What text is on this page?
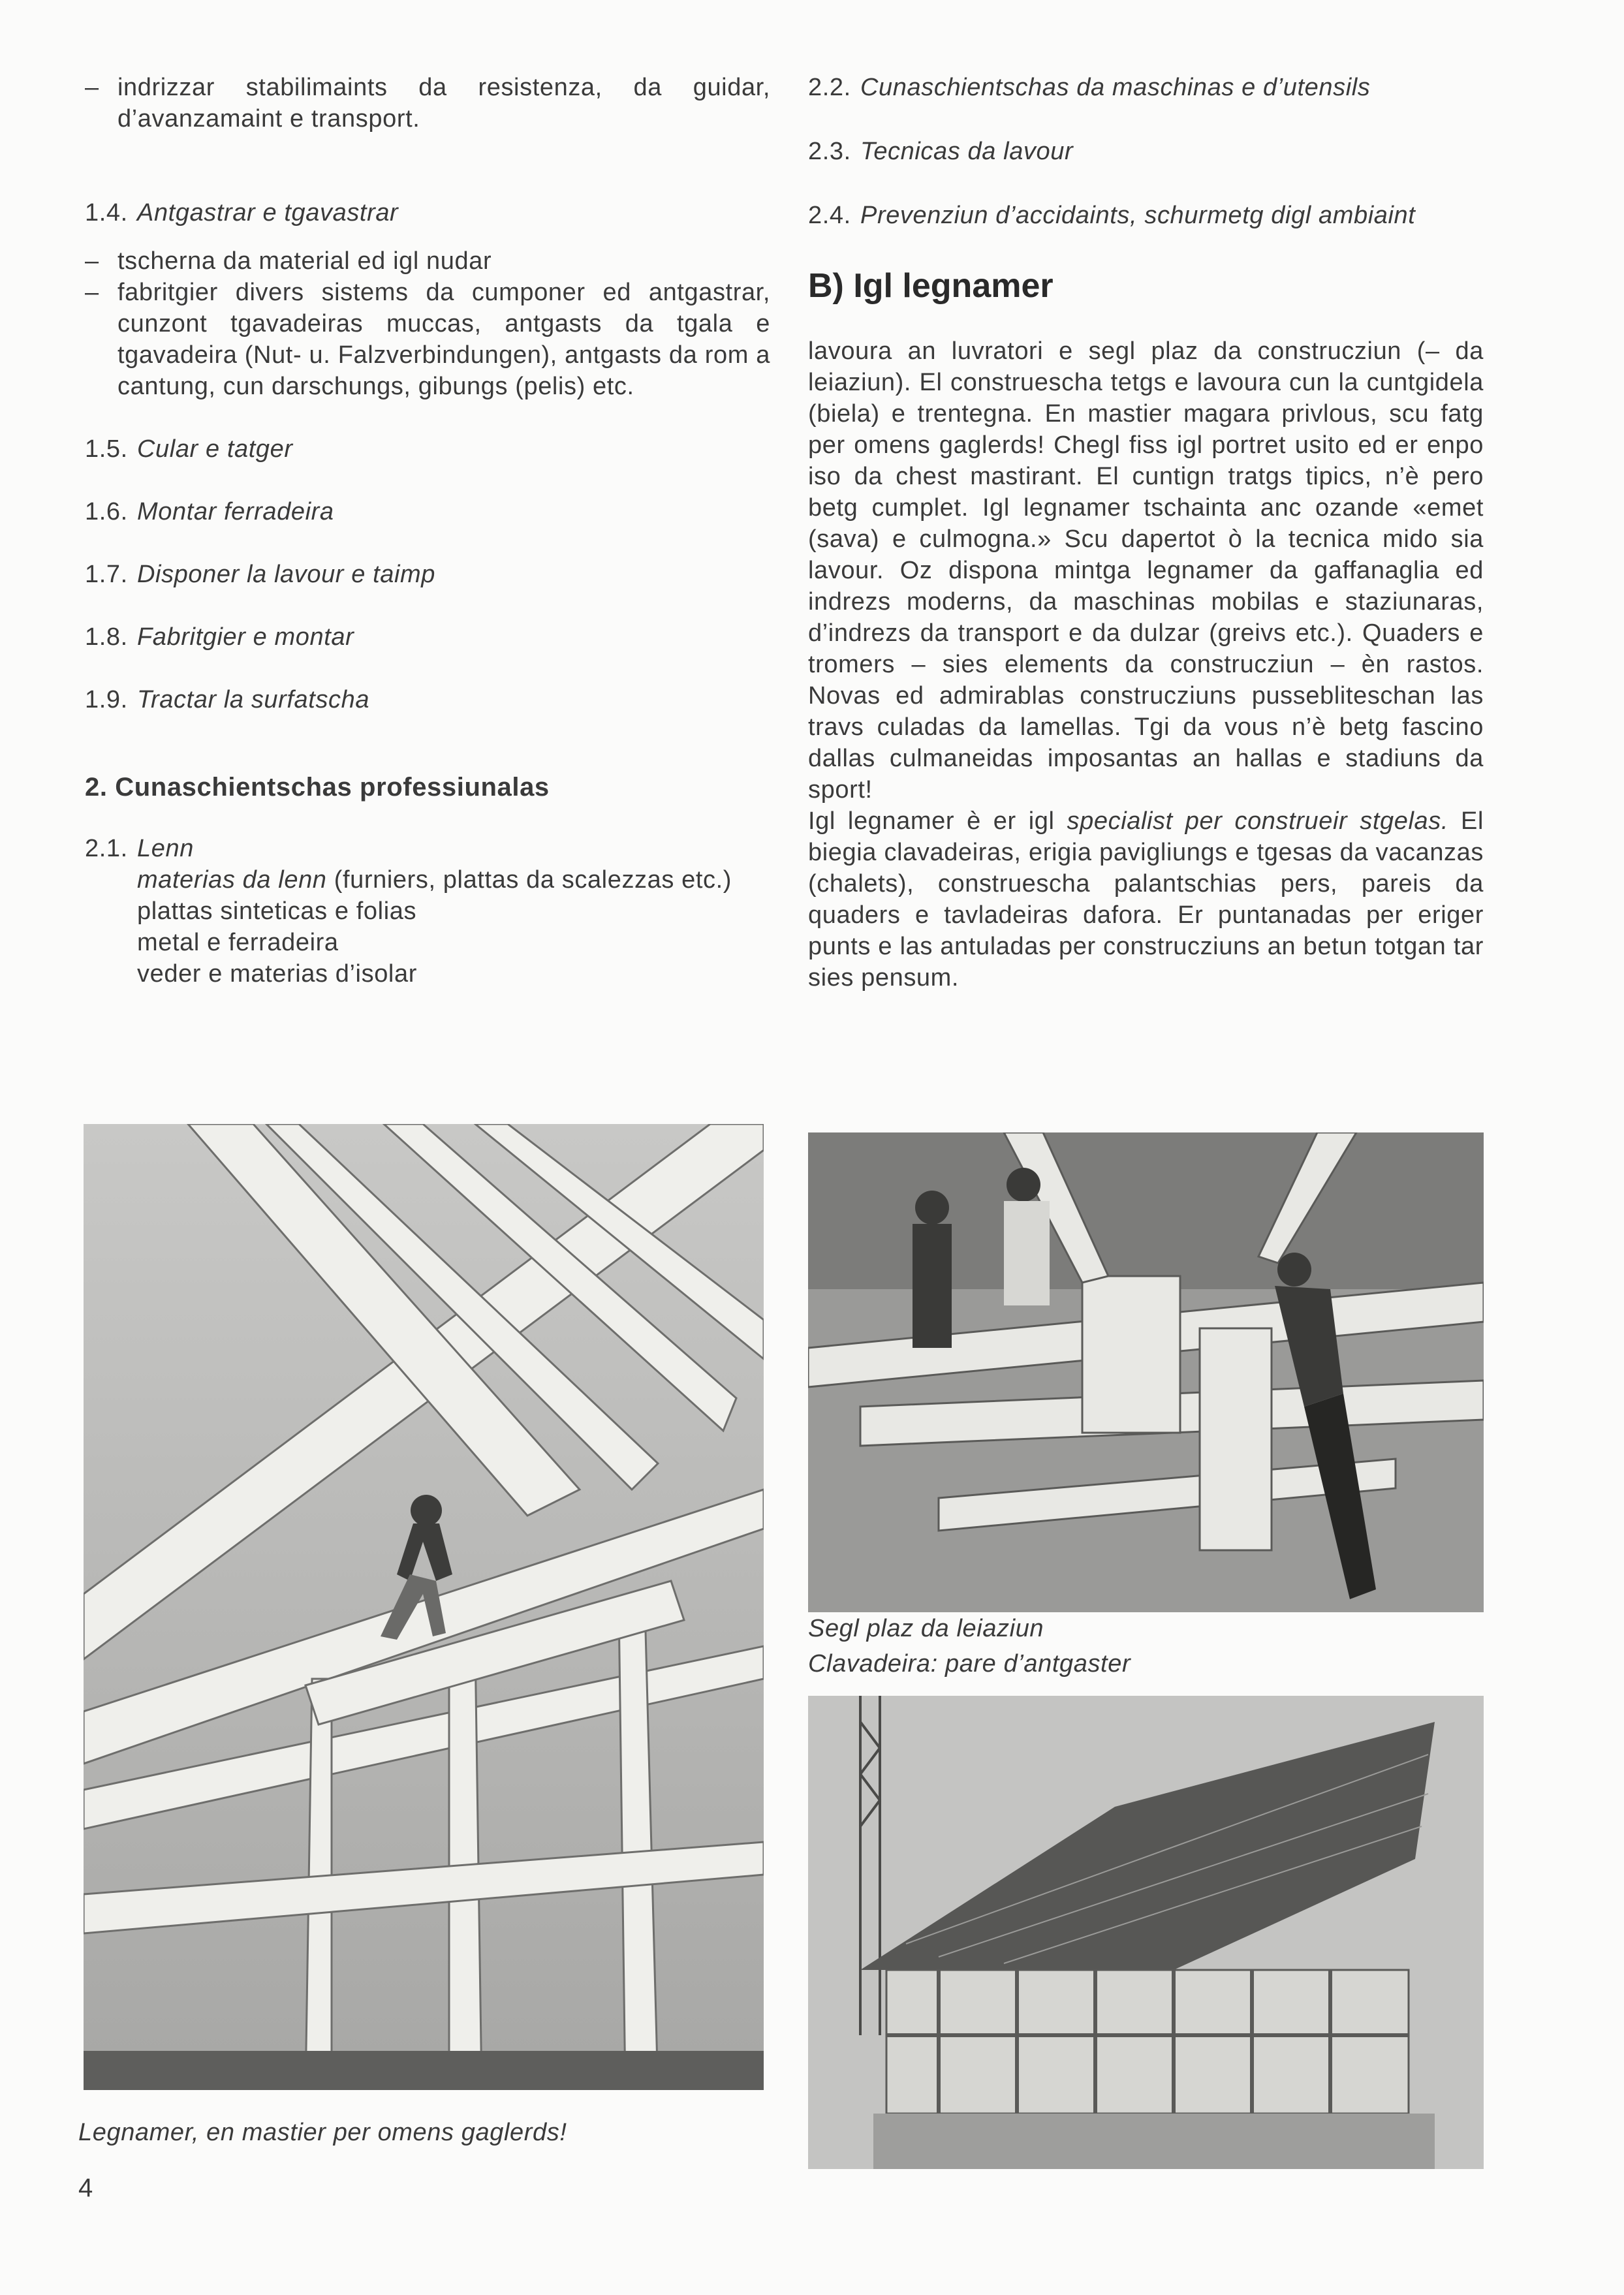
– indrizzar stabilimaints da resistenza, da guidar, d’avanzamaint e transport.
1.4. Antgastrar e tgavastrar
– tscherna da material ed igl nudar
– fabritgier divers sistems da cumponer ed antgastrar, cunzont tgavadeiras muccas, antgasts da tgala e tgavadeira (Nut- u. Falzverbindungen), antgasts da rom a cantung, cun darschungs, gibungs (pelis) etc.
1.5. Cular e tatger
1.6. Montar ferradeira
1.7. Disponer la lavour e taimp
1.8. Fabritgier e montar
1.9. Tractar la surfatscha
2. Cunaschientschas professiunalas
2.1. Lenn
materias da lenn (furniers, plattas da scalezzas etc.)
plattas sinteticas e folias
metal e ferradeira
veder e materias d’isolar
2.2. Cunaschientschas da maschinas e d’utensils
2.3. Tecnicas da lavour
2.4. Prevenziun d’accidaints, schurmetg digl ambiaint
B) Igl legnamer

lavoura an luvratori e segl plaz da construcziun (– da leiaziun). El construescha tetgs e lavoura cun la cuntgidela (biela) e trentegna. En mastier magara privlous, scu fatg per omens gaglerds! Chegl fiss igl portret usito ed er enpo iso da chest mastirant. El cuntign tratgs tipics, n’è pero betg cumplet. Igl legnamer tschainta anc ozande «emet (sava) e culmogna.» Scu dapertot ò la tecnica mido sia lavour. Oz dispona mintga legnamer da gaffanaglia ed indrezs moderns, da maschinas mobilas e staziunaras, d’indrezs da transport e da dulzar (greivs etc.). Quaders e tromers – sies elements da construcziun – èn rastos. Novas ed admirablas construcziuns pussebliteschan las travs culadas da lamellas. Tgi da vous n’è betg fascino dallas culmaneidas imposantas an hallas e stadiuns da sport!

Igl legnamer è er igl specialist per construeir stgelas. El biegia clavadeiras, erigia pavigliungs e tgesas da vacanzas (chalets), construescha palantschias pers, pareis da quaders e tavladeiras dafora. Er puntanadas per eriger punts e las antuladas per construcziuns an betun totgan tar sies pensum.

Segl plaz da leiaziun
Clavadeira: pare d’antgaster
Legnamer, en mastier per omens gaglerds!
4
